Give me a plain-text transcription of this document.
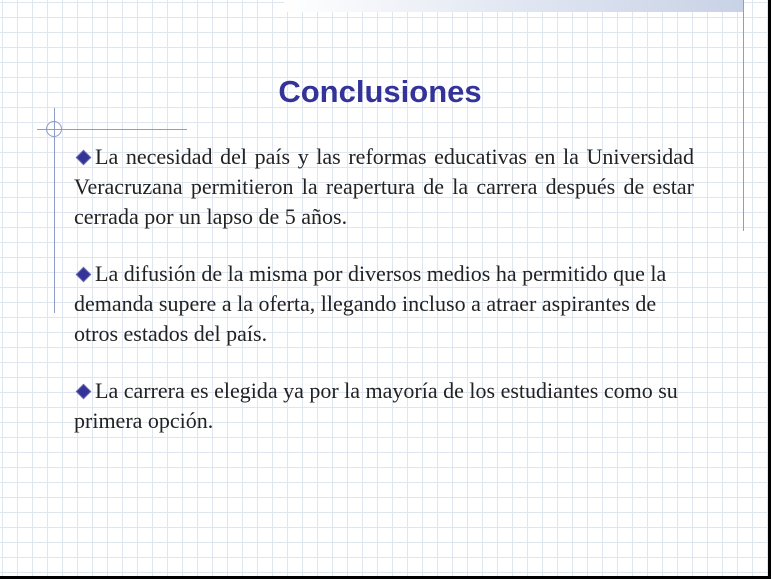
Conclusiones
La necesidad del país y las reformas educativas en la Universidad Veracruzana permitieron la reapertura de la carrera después de estar cerrada por un lapso de 5 años.
La difusión de la misma por diversos medios ha permitido que la demanda supere a la oferta, llegando incluso a atraer aspirantes de otros estados del país.
La carrera es elegida ya por la mayoría de los estudiantes como su primera opción.
